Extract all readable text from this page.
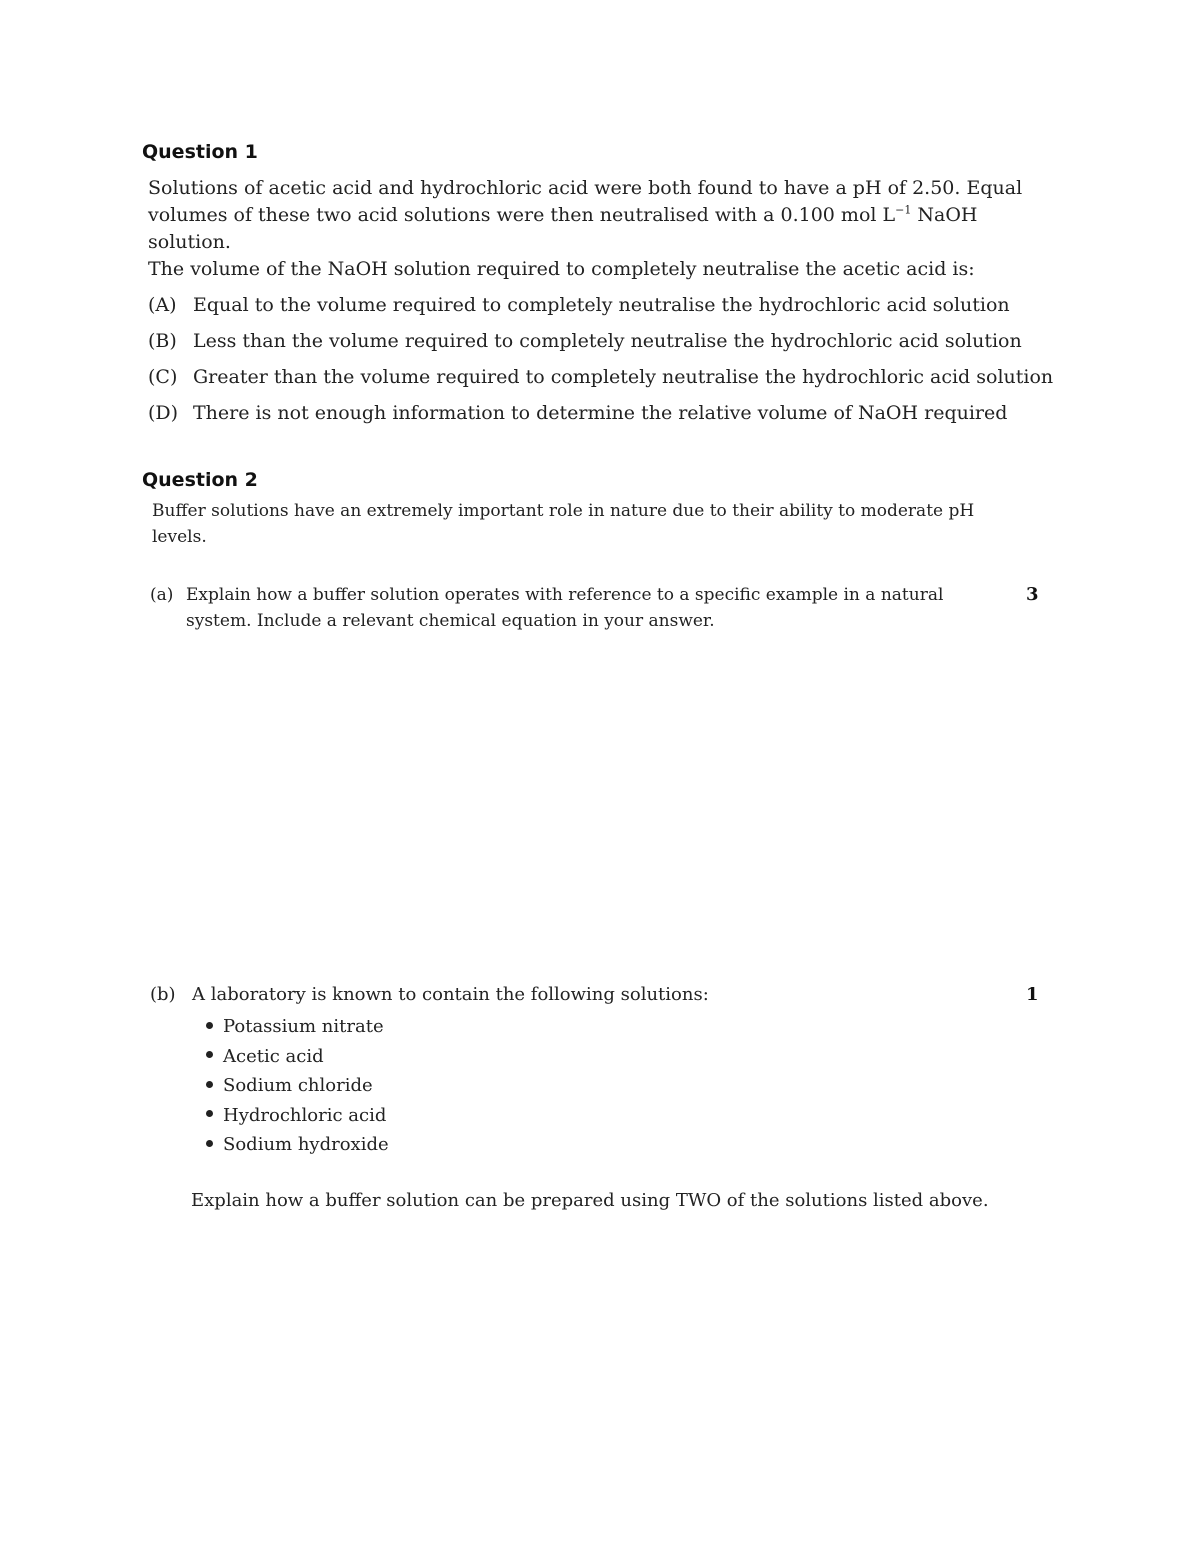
Question 1

Solutions of acetic acid and hydrochloric acid were both found to have a pH of 2.50. Equal volumes of these two acid solutions were then neutralised with a 0.100 mol $L^{-1}$ NaOH solution.

The volume of the NaOH solution required to completely neutralise the acetic acid is:

(A) Equal to the volume required to completely neutralise the hydrochloric acid solution

(B) Less than the volume required to completely neutralise the hydrochloric acid solution

(C) Greater than the volume required to completely neutralise the hydrochloric acid solution

(D) There is not enough information to determine the relative volume of NaOH required

Question 2

Buffer solutions have an extremely important role in nature due to their ability to moderate pH levels.

(a) Explain how a buffer solution operates with reference to a specific example in a natural system. Include a relevant chemical equation in your answer.
3
(b) A laboratory is known to contain the following solutions:	1
Potassium nitrate
Acetic acid
Sodium chloride
Hydrochloric acid
Sodium hydroxide

Explain how a buffer solution can be prepared using TWO of the solutions listed above.
